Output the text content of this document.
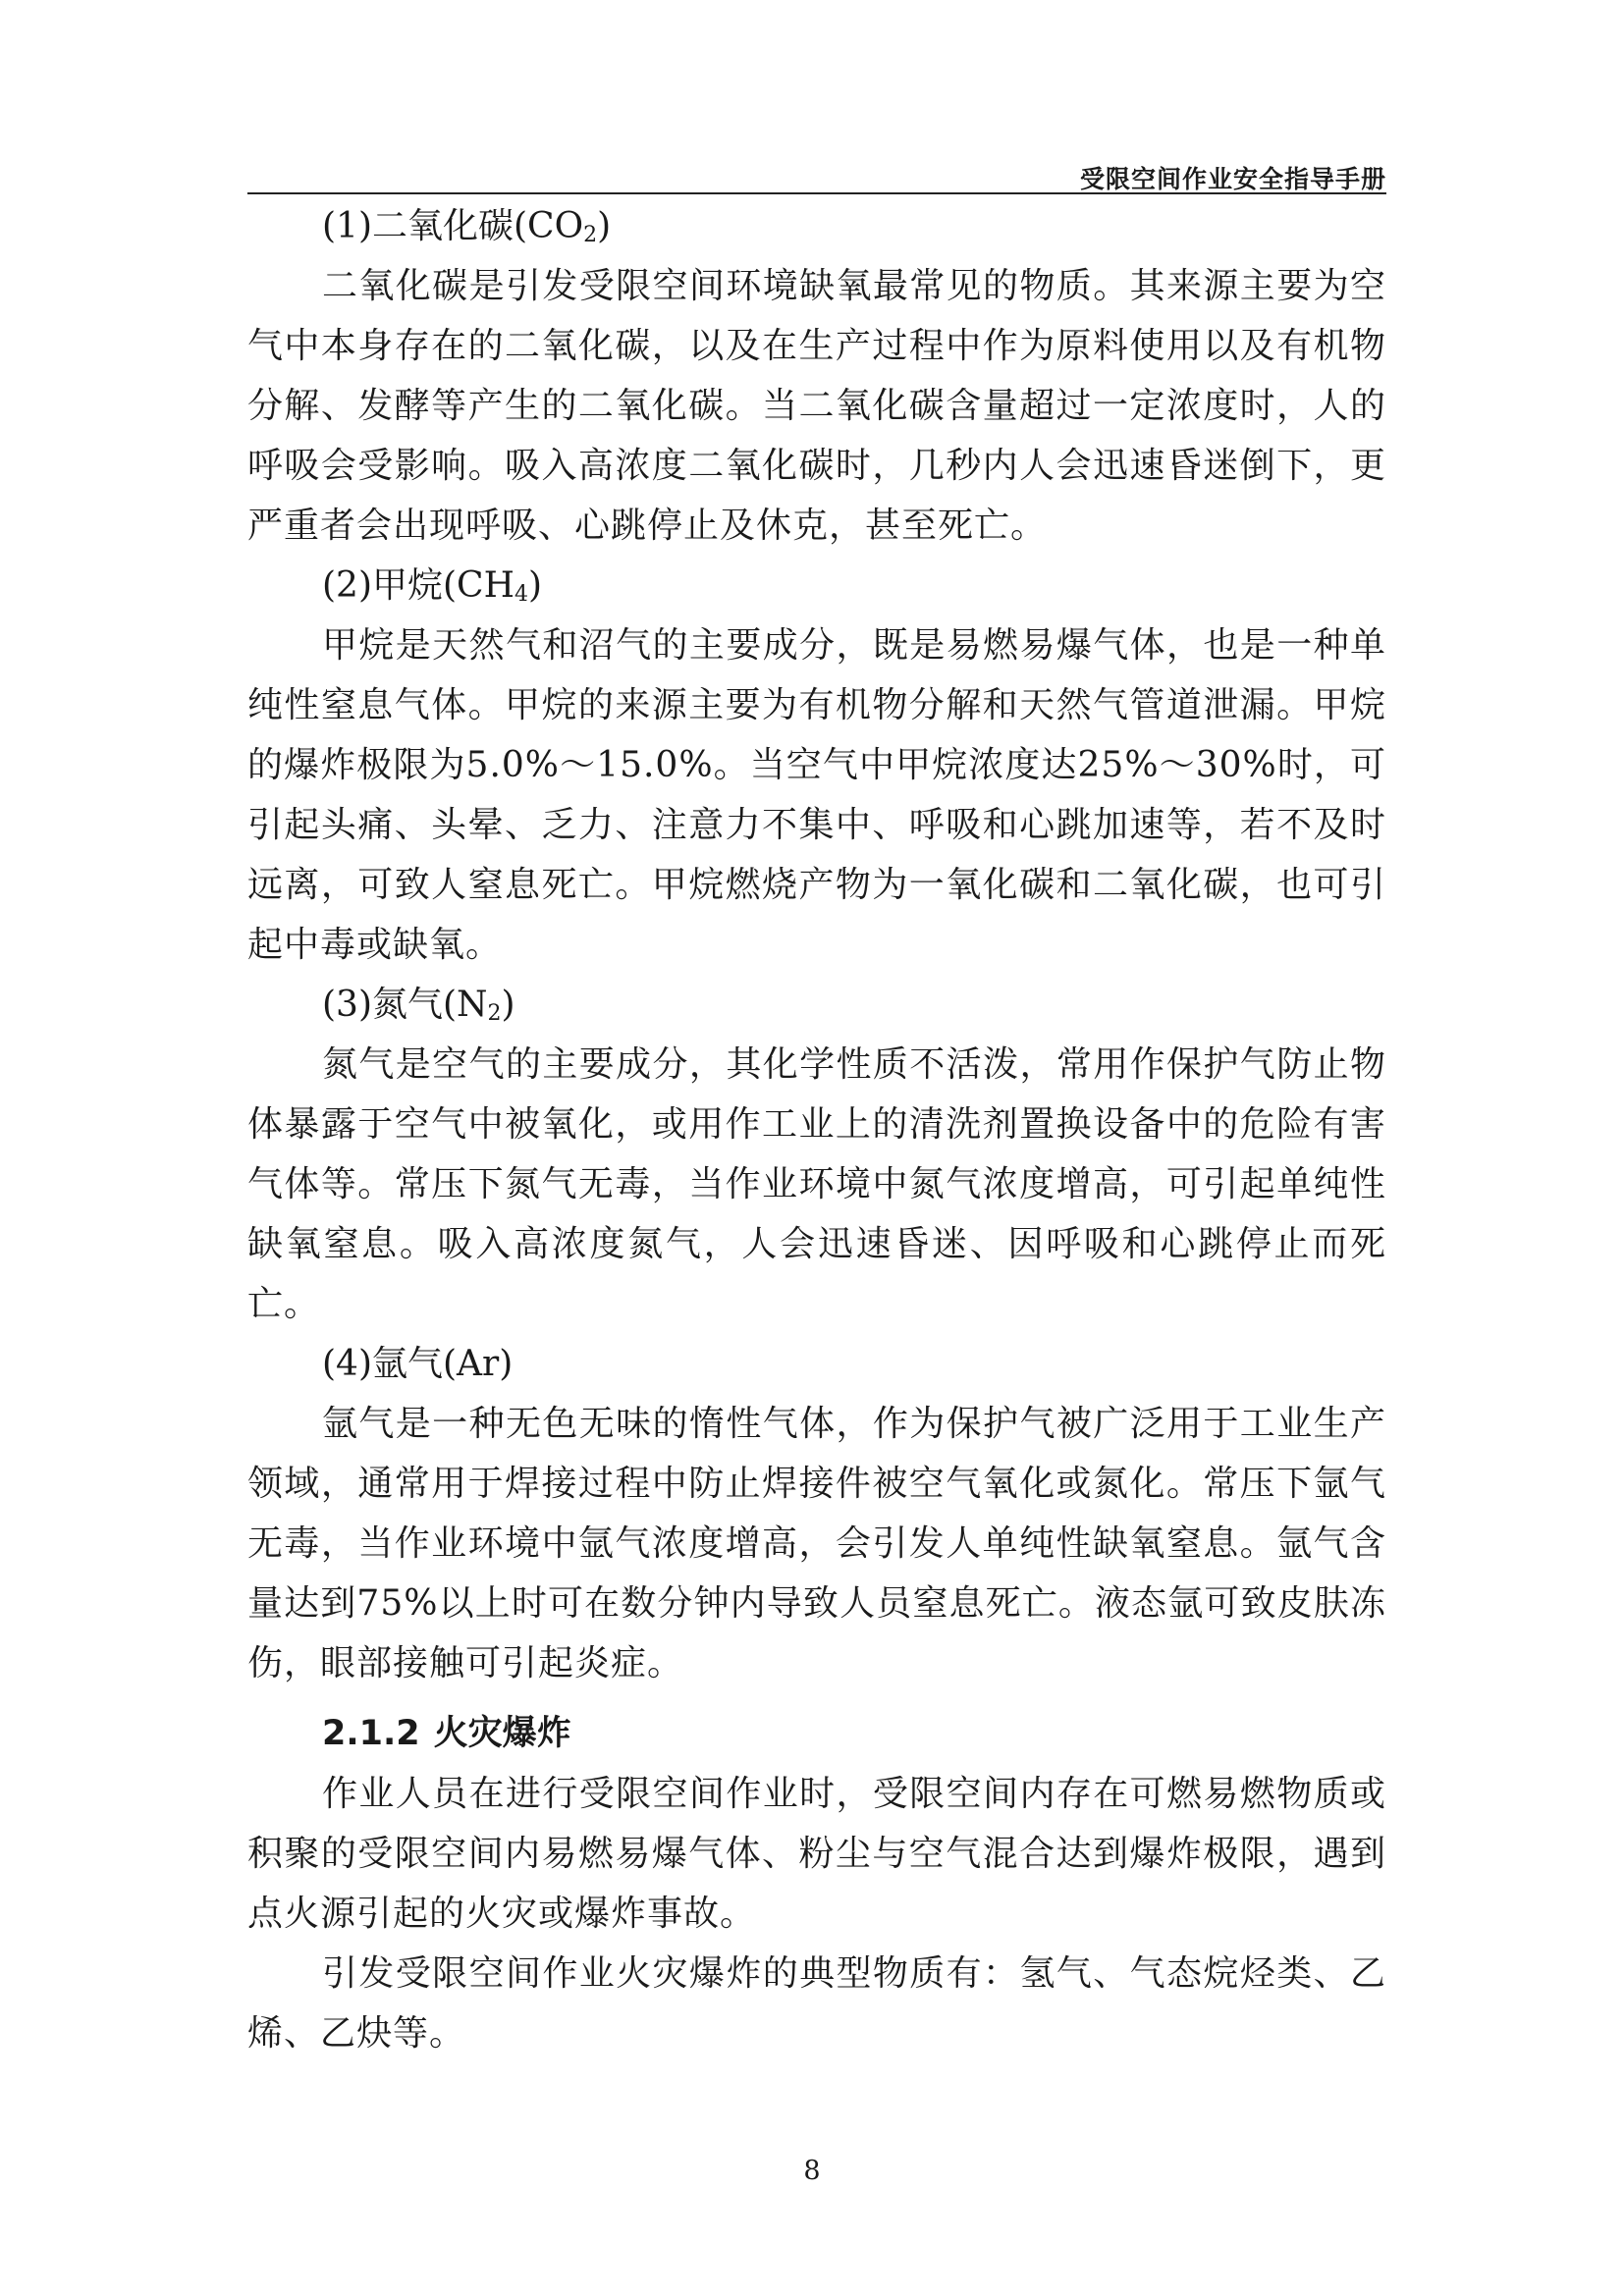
受限空间作业安全指导手册

(1)二氧化碳$(CO_2)$

二氧化碳是引发受限空间环境缺氧最常见的物质。其来源主要为空气中本身存在的二氧化碳，以及在生产过程中作为原料使用以及有机物分解、发酵等产生的二氧化碳。当二氧化碳含量超过一定浓度时，人的呼吸会受影响。吸入高浓度二氧化碳时，几秒内人会迅速昏迷倒下，更严重者会出现呼吸、心跳停止及休克，甚至死亡。

(2)甲烷$(CH_4)$

甲烷是天然气和沼气的主要成分，既是易燃易爆气体，也是一种单纯性窒息气体。甲烷的来源主要为有机物分解和天然气管道泄漏。甲烷的爆炸极限为5.0%～15.0%。当空气中甲烷浓度达25%～30%时，可引起头痛、头晕、乏力、注意力不集中、呼吸和心跳加速等，若不及时远离，可致人窒息死亡。甲烷燃烧产物为一氧化碳和二氧化碳，也可引起中毒或缺氧。

(3)氮气$(N_2)$

氮气是空气的主要成分，其化学性质不活泼，常用作保护气防止物体暴露于空气中被氧化，或用作工业上的清洗剂置换设备中的危险有害气体等。常压下氮气无毒，当作业环境中氮气浓度增高，可引起单纯性缺氧窒息。吸入高浓度氮气，人会迅速昏迷、因呼吸和心跳停止而死亡。

(4)氩气(Ar)

氩气是一种无色无味的惰性气体，作为保护气被广泛用于工业生产领域，通常用于焊接过程中防止焊接件被空气氧化或氮化。常压下氩气无毒，当作业环境中氩气浓度增高，会引发人单纯性缺氧窒息。氩气含量达到75%以上时可在数分钟内导致人员窒息死亡。液态氩可致皮肤冻伤，眼部接触可引起炎症。

2.1.2 火灾爆炸

作业人员在进行受限空间作业时，受限空间内存在可燃易燃物质或积聚的受限空间内易燃易爆气体、粉尘与空气混合达到爆炸极限，遇到点火源引起的火灾或爆炸事故。

引发受限空间作业火灾爆炸的典型物质有：氢气、气态烷烃类、乙烯、乙炔等。

8
